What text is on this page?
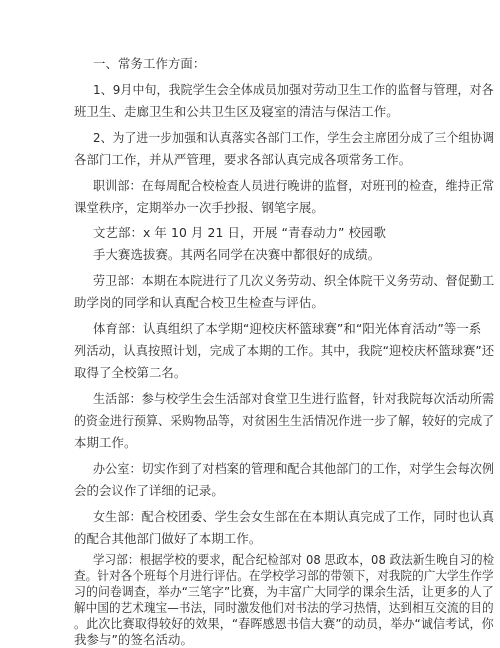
一、常务工作方面：
1、9月中旬，我院学生会全体成员加强对劳动卫生工作的监督与管理，对各
班卫生、走廊卫生和公共卫生区及寝室的清洁与保洁工作。
2、为了进一步加强和认真落实各部门工作，学生会主席团分成了三个组协调
各部门工作，并从严管理，要求各部认真完成各项常务工作。
职训部：在每周配合校检查人员进行晚讲的监督，对班刊的检查，维持正常
课堂秩序，定期举办一次手抄报、钢笔字展。
文艺部：x 年 10 月 21 日，开展 “青春动力” 校园歌
手大赛选拔赛。其两名同学在决赛中都很好的成绩。
劳卫部：本期在本院进行了几次义务劳动、织全体院干义务劳动、督促勤工
助学岗的同学和认真配合校卫生检查与评估。
体育部：认真组织了本学期“迎校庆杯篮球赛”和“阳光体育活动”等一系
列活动，认真按照计划，完成了本期的工作。其中，我院“迎校庆杯篮球赛”还
取得了全校第二名。
生活部：参与校学生会生活部对食堂卫生进行监督，针对我院每次活动所需
的资金进行预算、采购物品等，对贫困生生活情况作进一步了解，较好的完成了
本期工作。
办公室：切实作到了对档案的管理和配合其他部门的工作，对学生会每次例
会的会议作了详细的记录。
女生部：配合校团委、学生会女生部在在本期认真完成了工作，同时也认真
的配合其他部门做好了本期工作。
学习部：根据学校的要求，配合纪检部对 08 思政本，08 政法新生晚自习的检
查。针对各个班每个月进行评估。在学校学习部的带领下，对我院的广大学生作学
习的问卷调查，举办“三笔字”比赛，为丰富广大同学的课余生活，让更多的人了
解中国的艺术瑰宝—书法，同时激发他们对书法的学习热情，达到相互交流的目的
。此次比赛取得较好的效果，“春晖感恩书信大赛”的动员，举办“诚信考试，你
我参与”的签名活动。
